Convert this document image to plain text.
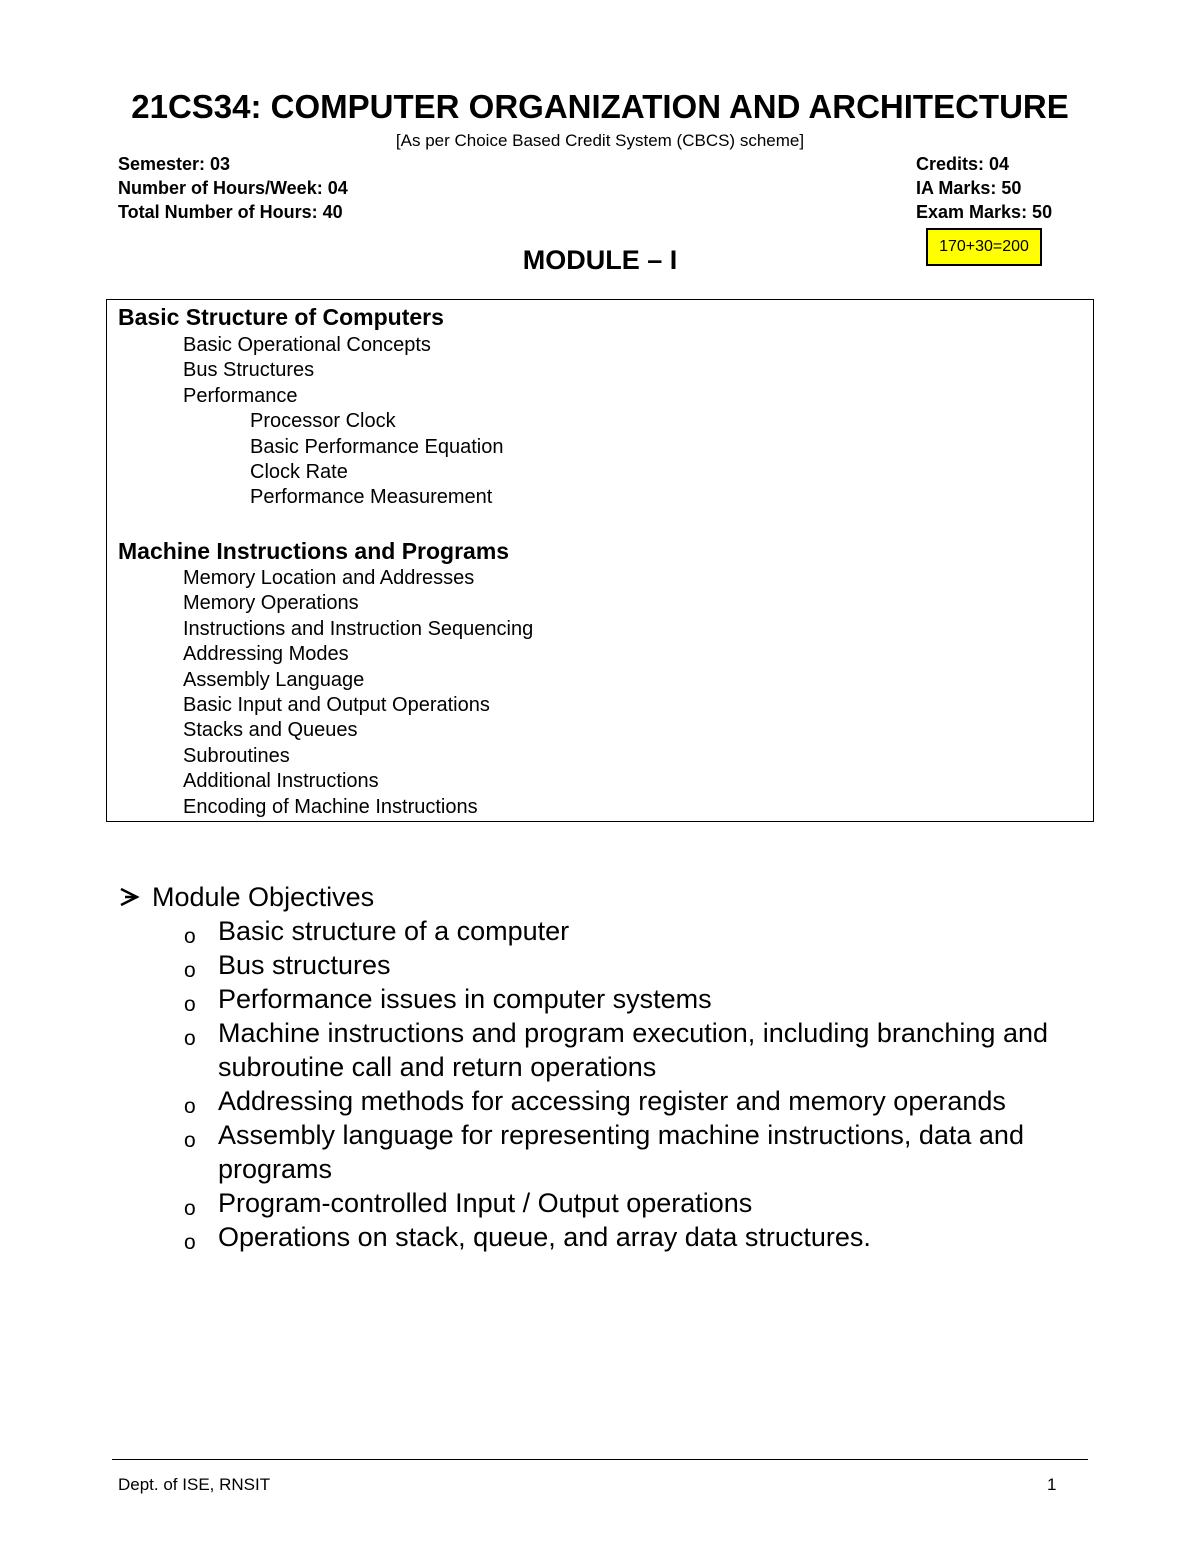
21CS34: COMPUTER ORGANIZATION AND ARCHITECTURE
[As per Choice Based Credit System (CBCS) scheme]
Semester: 03
Number of Hours/Week: 04
Total Number of Hours: 40
Credits: 04
IA Marks: 50
Exam Marks: 50
MODULE – I	170+30=200
Basic Structure of Computers
Basic Operational Concepts
Bus Structures
Performance
Processor Clock
Basic Performance Equation
Clock Rate
Performance Measurement
Machine Instructions and Programs
Memory Location and Addresses
Memory Operations
Instructions and Instruction Sequencing
Addressing Modes
Assembly Language
Basic Input and Output Operations
Stacks and Queues
Subroutines
Additional Instructions
Encoding of Machine Instructions
Module Objectives
o Basic structure of a computer
o Bus structures
o Performance issues in computer systems
o Machine instructions and program execution, including branching and subroutine call and return operations
o Addressing methods for accessing register and memory operands
o Assembly language for representing machine instructions, data and programs
o Program-controlled Input / Output operations
o Operations on stack, queue, and array data structures.
Dept. of ISE, RNSIT	1
